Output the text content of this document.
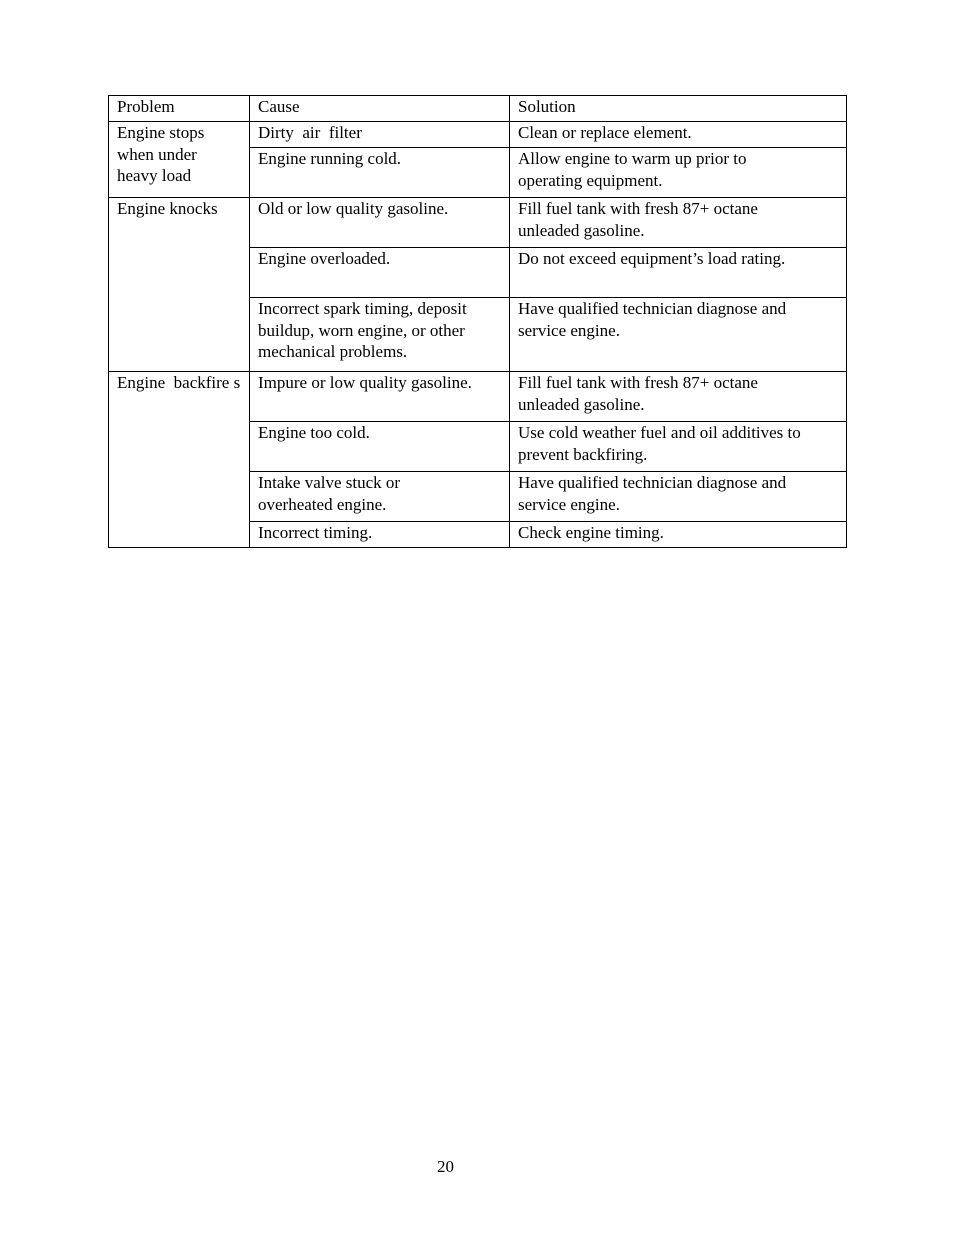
Problem	Cause	Solution

Engine stops when under heavy load	Dirty  air  filter	Clean or replace element.
	Engine running cold.	Allow engine to warm up prior to operating equipment.

Engine knocks	Old or low quality gasoline.	Fill fuel tank with fresh 87+ octane unleaded gasoline.

	Engine overloaded.	Do not exceed equipment’s load rating.
	Incorrect spark timing, deposit buildup, worn engine, or other mechanical problems.	Have qualified technician diagnose and service engine.

Engine  backfire s	Impure or low quality gasoline.	Fill fuel tank with fresh 87+ octane unleaded gasoline.

	Engine too cold.	Use cold weather fuel and oil additives to prevent backfiring.

	Intake valve stuck or overheated engine.	Have qualified technician diagnose and service engine.

	Incorrect timing.	Check engine timing.
20
